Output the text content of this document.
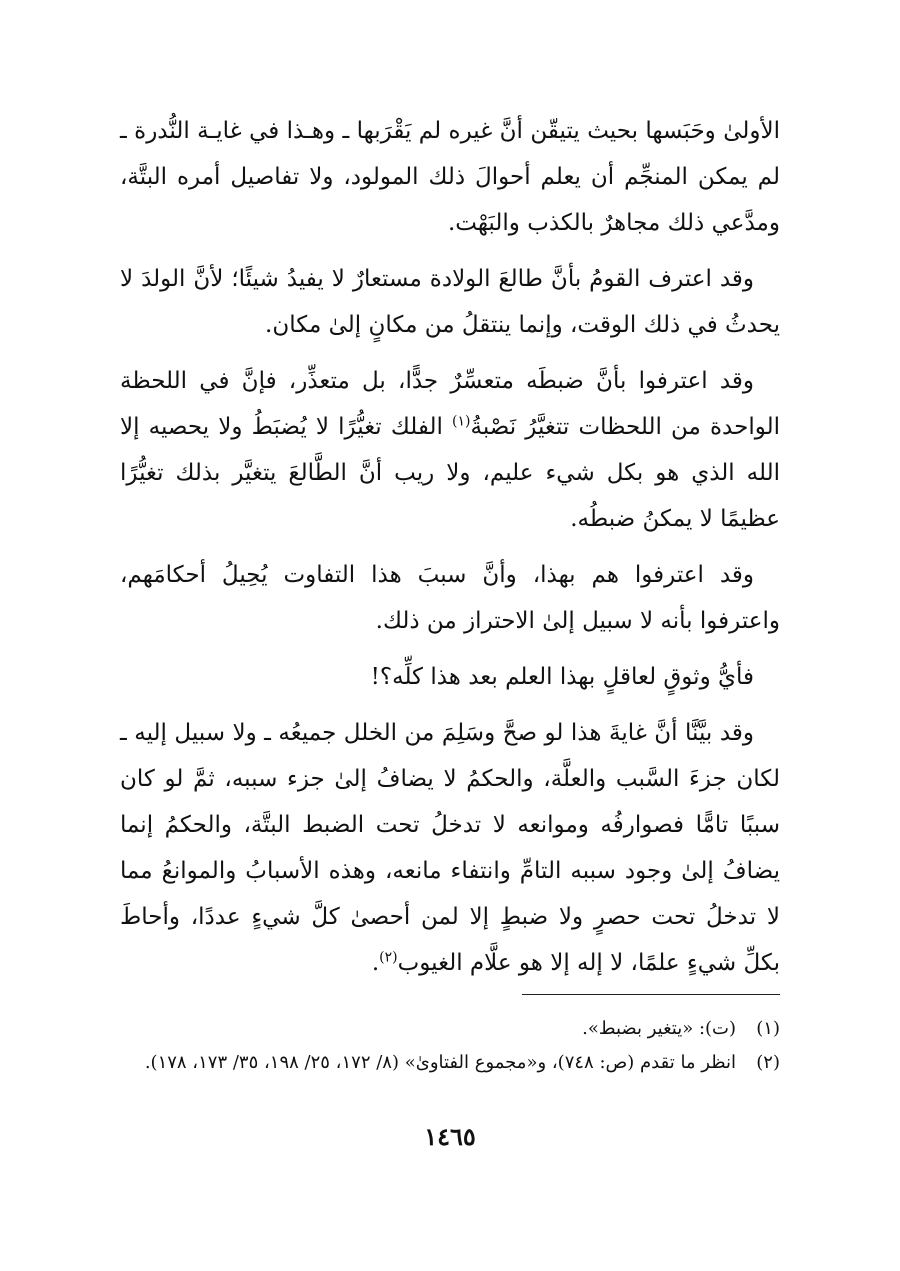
الأولىٰ وحَبَسها بحيث يتيقّن أنَّ غيره لم يَقْرَبها ـ وهـذا في غايـة النُّدرة ـ لم يمكن المنجِّم أن يعلم أحوالَ ذلك المولود، ولا تفاصيل أمره البتَّة، ومدَّعي ذلك مجاهرٌ بالكذب والبَهْت.

وقد اعترف القومُ بأنَّ طالعَ الولادة مستعارٌ لا يفيدُ شيئًا؛ لأنَّ الولدَ لا يحدثُ في ذلك الوقت، وإنما ينتقلُ من مكانٍ إلىٰ مكان.

وقد اعترفوا بأنَّ ضبطَه متعسِّرٌ جدًّا، بل متعذِّر، فإنَّ في اللحظة الواحدة من اللحظات تتغيَّرُ نَصْبةُ$^{(١)}$ الفلك تغيُّرًا لا يُضبَطُ ولا يحصيه إلا الله الذي هو بكل شيء عليم، ولا ريب أنَّ الطَّالعَ يتغيَّر بذلك تغيُّرًا عظيمًا لا يمكنُ ضبطُه.

وقد اعترفوا هم بهذا، وأنَّ سببَ هذا التفاوت يُحِيلُ أحكامَهم، واعترفوا بأنه لا سبيل إلىٰ الاحتراز من ذلك.

فأيُّ وثوقٍ لعاقلٍ بهذا العلم بعد هذا كلِّه؟!

وقد بيَّنَّا أنَّ غايةَ هذا لو صحَّ وسَلِمَ من الخلل جميعُه ـ ولا سبيل إليه ـ لكان جزءَ السَّبب والعلَّة، والحكمُ لا يضافُ إلىٰ جزء سببه، ثمَّ لو كان سببًا تامًّا فصوارفُه وموانعه لا تدخلُ تحت الضبط البتَّة، والحكمُ إنما يضافُ إلىٰ وجود سببه التامِّ وانتفاء مانعه، وهذه الأسبابُ والموانعُ مما لا تدخلُ تحت حصرٍ ولا ضبطٍ إلا لمن أحصىٰ كلَّ شيءٍ عددًا، وأحاطَ بكلِّ شيءٍ علمًا، لا إله إلا هو علَّام الغيوب$^{(٢)}$.

(١)
(ت): «يتغير بضبط».
(٢)
انظر ما تقدم (ص: ٧٤٨)، و«مجموع الفتاوىٰ» (٨/ ١٧٢، ٢٥/ ١٩٨، ٣٥/ ١٧٣، ١٧٨).
١٤٦٥
